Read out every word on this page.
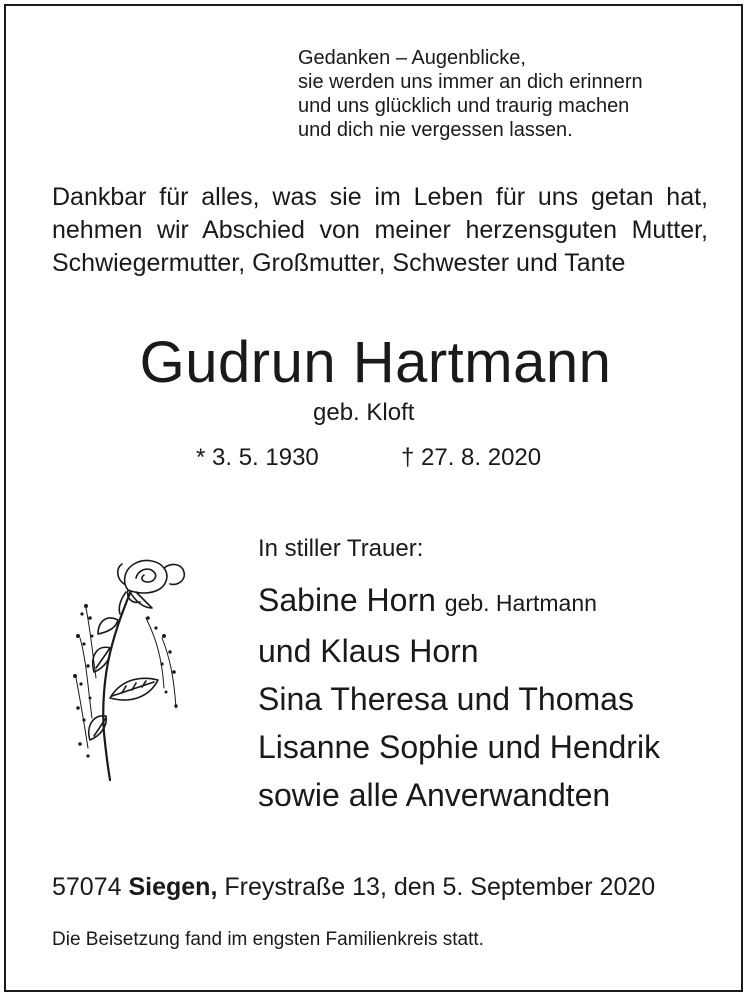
Gedanken – Augenblicke,
sie werden uns immer an dich erinnern
und uns glücklich und traurig machen
und dich nie vergessen lassen.
Dankbar für alles, was sie im Leben für uns getan hat, nehmen wir Abschied von meiner herzensguten Mutter, Schwiegermutter, Großmutter, Schwester und Tante
Gudrun Hartmann
geb. Kloft
* 3. 5. 1930	† 27. 8. 2020
In stiller Trauer:
Sabine Horn geb. Hartmann
und Klaus Horn
Sina Theresa und Thomas
Lisanne Sophie und Hendrik
sowie alle Anverwandten
57074 Siegen, Freystraße 13, den 5. September 2020
Die Beisetzung fand im engsten Familienkreis statt.
